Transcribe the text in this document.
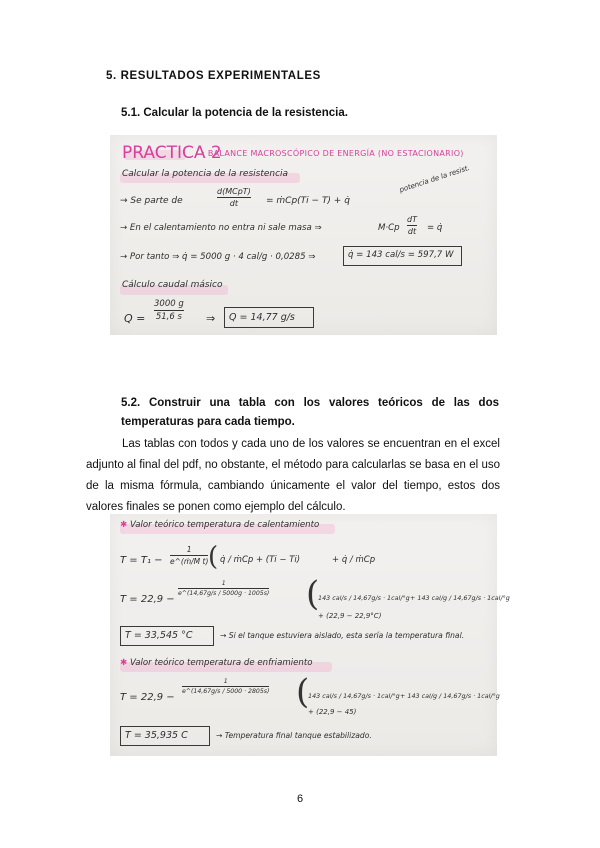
5. RESULTADOS EXPERIMENTALES
5.1. Calcular la potencia de la resistencia.
PRACTICA 2
: BALANCE MACROSCÓPICO DE ENERGÍA (NO ESTACIONARIO)
Calcular la potencia de la resistencia
→ Se parte de
d(MCpT)
dt	= ṁCp(Ti − T) + q̇
potencia de la resist.
→ En el calentamiento no entra ni sale masa ⇒	M·Cp
dT
dt = q̇
→ Por tanto ⇒ q̇ = 5000 g · 4 cal/g · 0,0285 ⇒	q̇ = 143 cal/s = 597,7 W
Cálculo caudal másico
Q =
3000 g
51,6 s ⇒ Q = 14,77 g/s
5.2. Construir una tabla con los valores teóricos de las dos temperaturas para cada tiempo.
Las tablas con todos y cada uno de los valores se encuentran en el excel adjunto al final del pdf, no obstante, el método para calcularlas se basa en el uso de la misma fórmula, cambiando únicamente el valor del tiempo, estos dos valores finales se ponen como ejemplo del cálculo.
✱ Valor teórico temperatura de calentamiento
T = T₁ −
1
e^(ṁ/M t) ( q̇ / ṁCp + (Ti − Ti)	+ q̇ / ṁCp
T = 22,9 −
1
e^(14,67g/s / 5000g · 1005s) (
143 cal/s / 14,67g/s · 1cal/°g
+ (22,9 − 22,9°C)
+ 143 cal/g / 14,67g/s · 1cal/°g
T = 33,545 °C	→ Si el tanque estuviera aislado, esta sería la temperatura final.
✱ Valor teórico temperatura de enfriamiento
T = 22,9 −
1
e^(14,67g/s / 5000 · 2805s) (
143 cal/s / 14,67g/s · 1cal/°g
+ (22,9 − 45)
+ 143 cal/g / 14,67g/s · 1cal/°g
T = 35,935 C	→ Temperatura final tanque estabilizado.
6
